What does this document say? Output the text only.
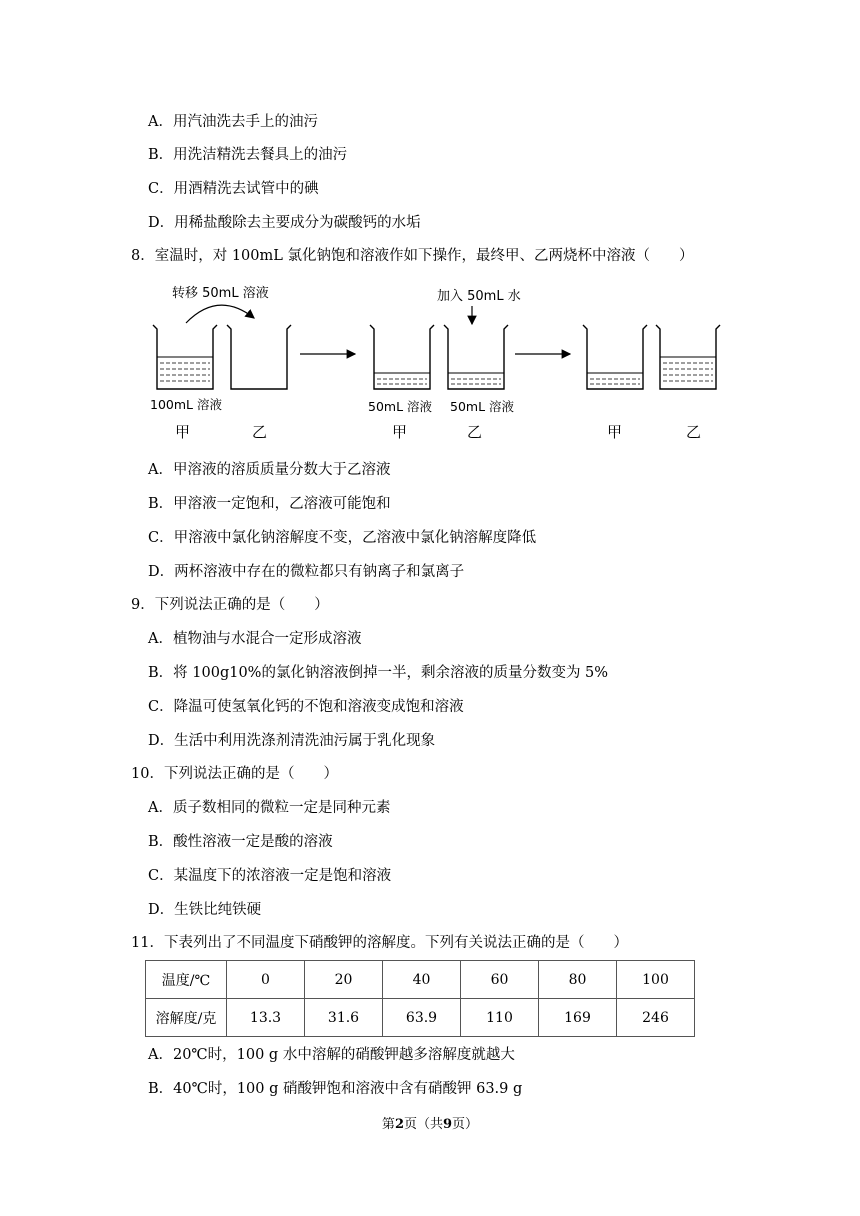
A．用汽油洗去手上的油污
B．用洗洁精洗去餐具上的油污
C．用酒精洗去试管中的碘
D．用稀盐酸除去主要成分为碳酸钙的水垢
8．室温时，对 100mL 氯化钠饱和溶液作如下操作，最终甲、乙两烧杯中溶液（　　）
转移 50mL 溶液	加入 50mL 水
100mL 溶液	50mL 溶液 50mL 溶液
甲	乙	甲	乙	甲	乙
A．甲溶液的溶质质量分数大于乙溶液
B．甲溶液一定饱和，乙溶液可能饱和
C．甲溶液中氯化钠溶解度不变，乙溶液中氯化钠溶解度降低
D．两杯溶液中存在的微粒都只有钠离子和氯离子
9．下列说法正确的是（　　）
A．植物油与水混合一定形成溶液
B．将 100g10%的氯化钠溶液倒掉一半，剩余溶液的质量分数变为 5%
C．降温可使氢氧化钙的不饱和溶液变成饱和溶液
D．生活中利用洗涤剂清洗油污属于乳化现象
10．下列说法正确的是（　　）
A．质子数相同的微粒一定是同种元素
B．酸性溶液一定是酸的溶液
C．某温度下的浓溶液一定是饱和溶液
D．生铁比纯铁硬
11．下表列出了不同温度下硝酸钾的溶解度。下列有关说法正确的是（　　）
温度/℃	0	20	40	60	80	100
溶解度/克	13.3	31.6	63.9	110	169	246
A．20℃时，100 g 水中溶解的硝酸钾越多溶解度就越大
B．40℃时，100 g 硝酸钾饱和溶液中含有硝酸钾 63.9 g
第2页（共9页）
